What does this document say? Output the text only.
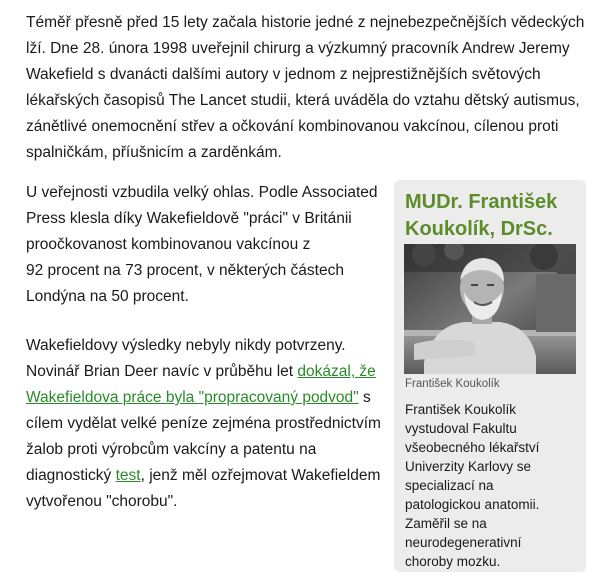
Téměř přesně před 15 lety začala historie jedné z nejnebezpečnějších vědeckých
lží. Dne 28. února 1998 uveřejnil chirurg a výzkumný pracovník Andrew Jeremy
Wakefield s dvanácti dalšími autory v jednom z nejprestižnějších světových
lékařských časopisů The Lancet studii, která uváděla do vztahu dětský autismus,
zánětlivé onemocnění střev a očkování kombinovanou vakcínou, cílenou proti
spalničkám, příušnicím a zarděnkám.
U veřejnosti vzbudila velký ohlas. Podle Associated
Press klesla díky Wakefieldově "práci" v Británii
proočkovanost kombinovanou vakcínou z
92 procent na 73 procent, v některých částech
Londýna na 50 procent.
Wakefieldovy výsledky nebyly nikdy potvrzeny.
Novinář Brian Deer navíc v průběhu let dokázal, že
Wakefieldova práce byla "propracovaný podvod" s
cílem vydělat velké peníze zejména prostřednictvím
žalob proti výrobcům vakcíny a patentu na
diagnostický test, jenž měl ozřejmovat Wakefieldem
vytvořenou "chorobu".
MUDr. František
Koukolík, DrSc.

František Koukolík

František Koukolík
vystudoval Fakultu
všeobecného lékařství
Univerzity Karlovy se
specializací na
patologickou anatomii.
Zaměřil se na
neurodegenerativní
choroby mozku.
